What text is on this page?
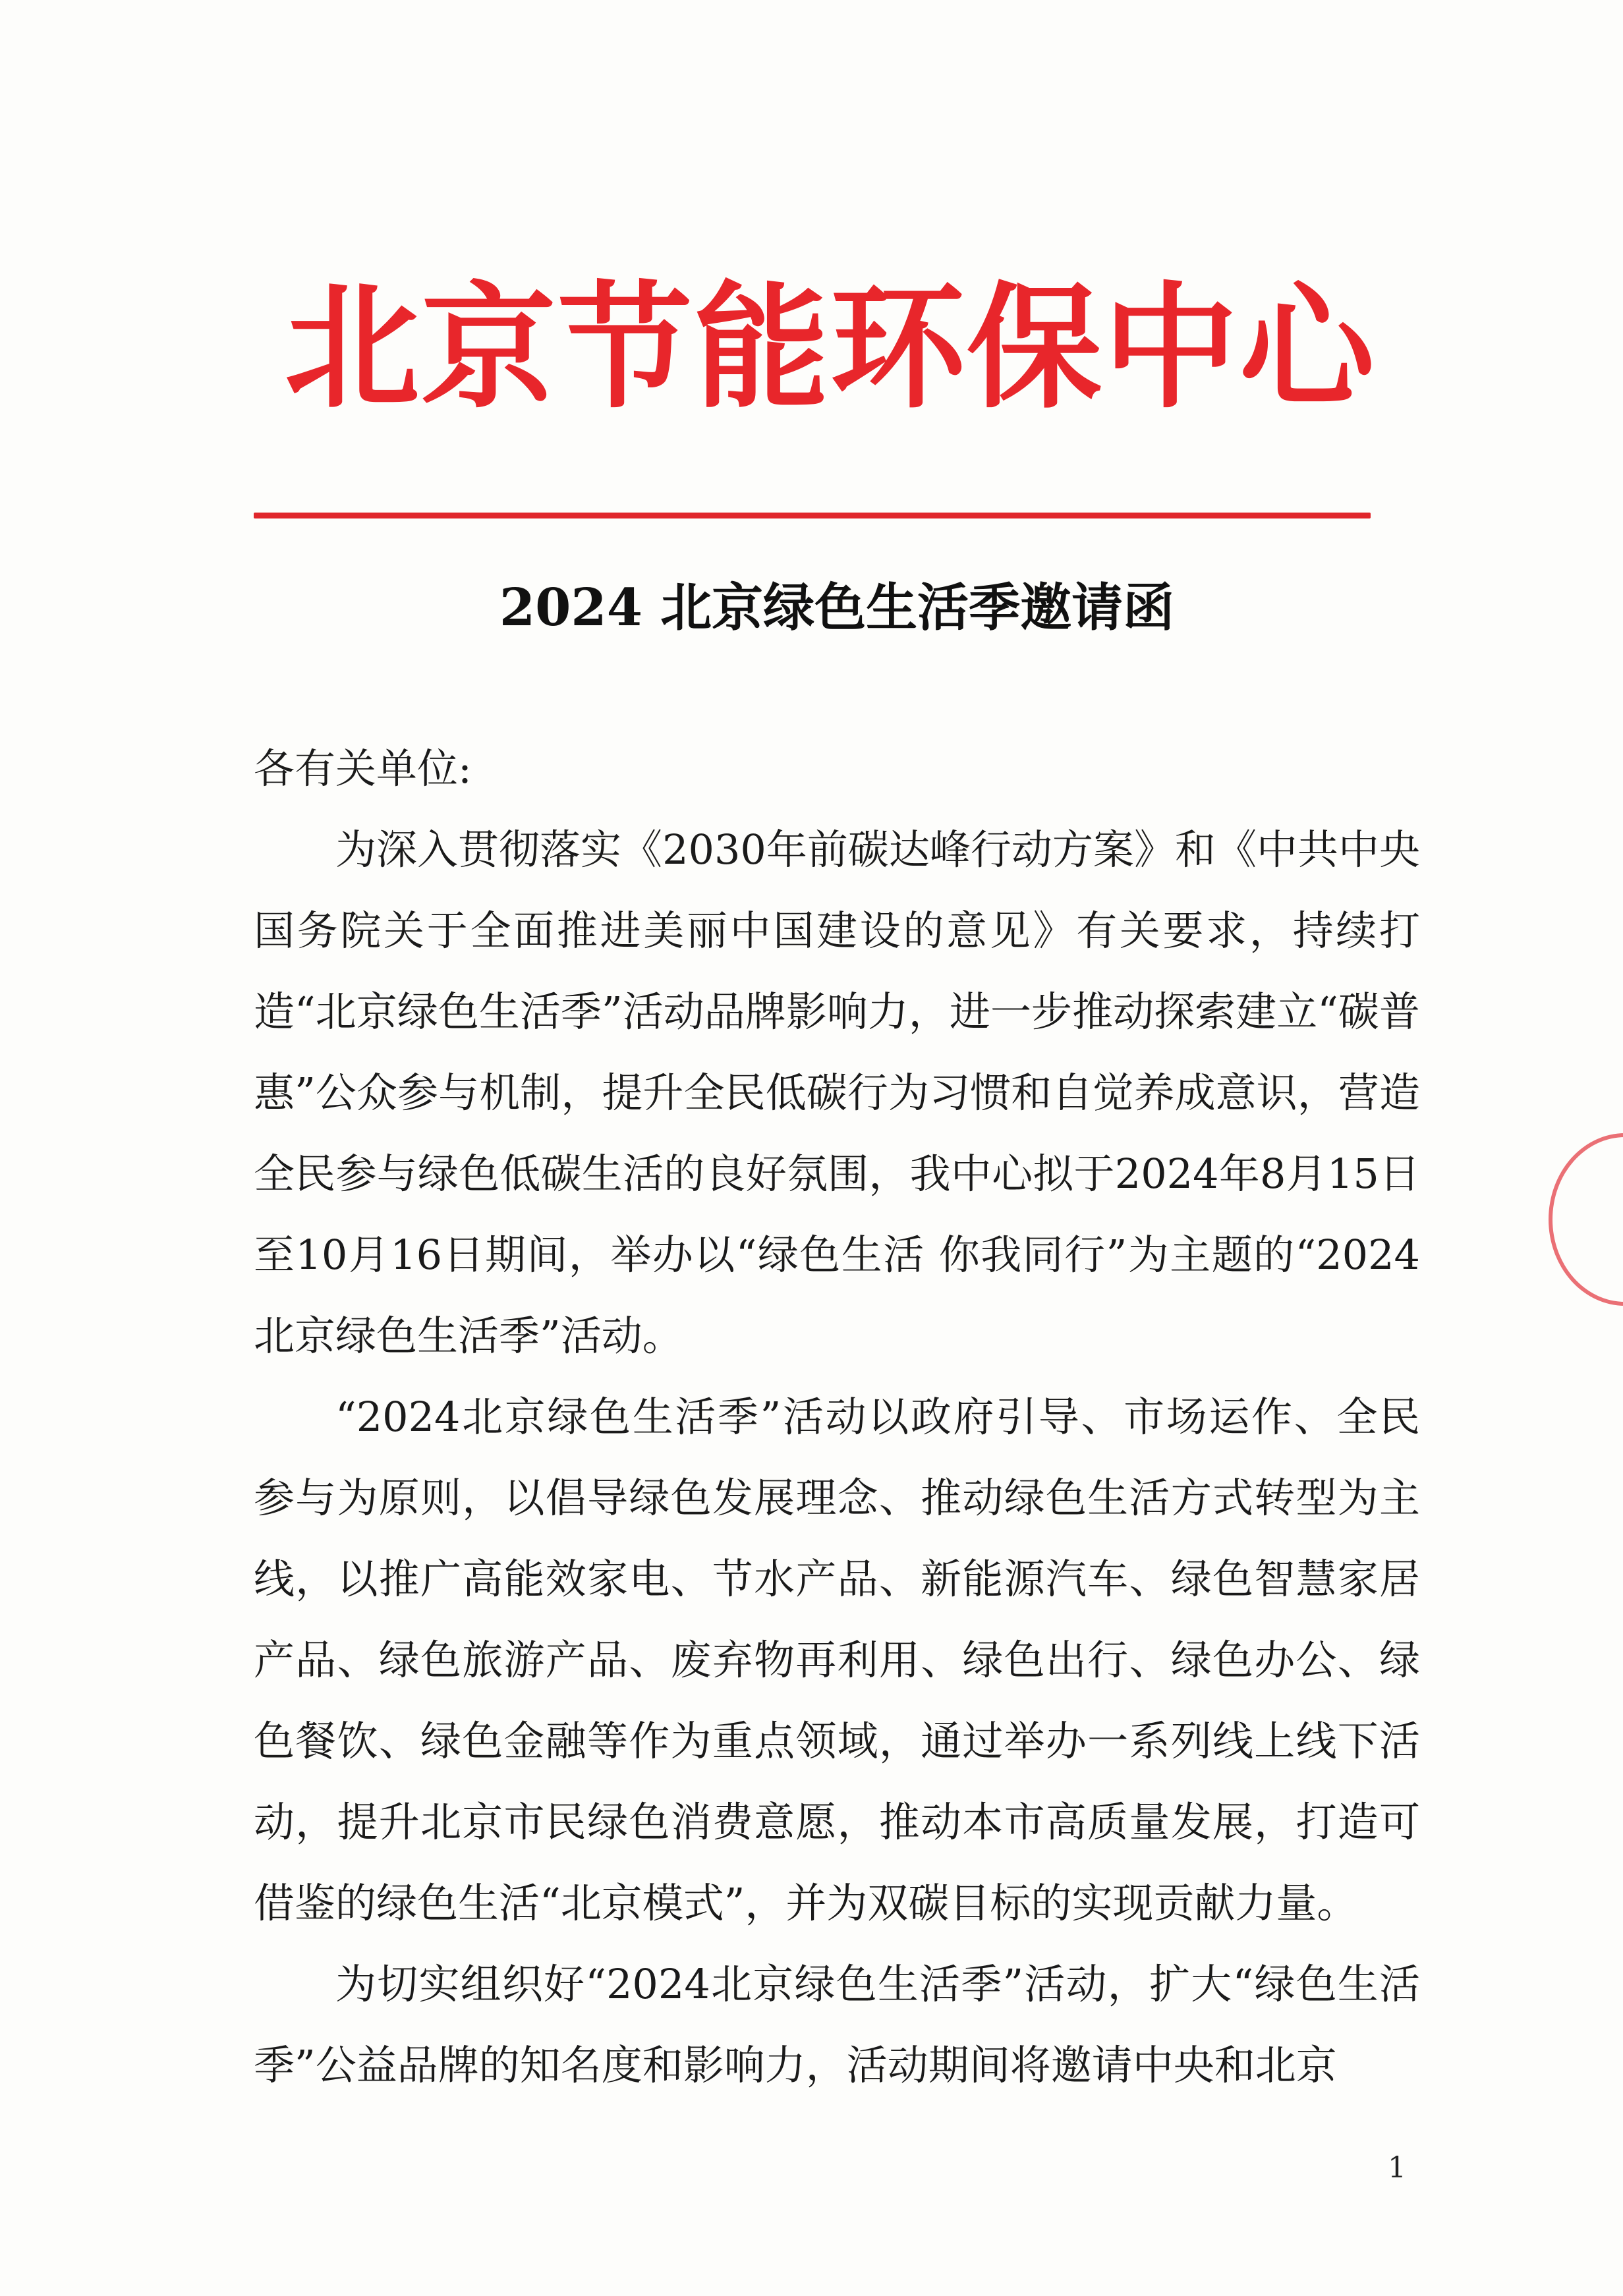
北京节能环保中心
2024 北京绿色生活季邀请函

各有关单位:

为深入贯彻落实《2030年前碳达峰行动方案》和《中共中央国务院关于全面推进美丽中国建设的意见》有关要求，持续打造“北京绿色生活季”活动品牌影响力，进一步推动探索建立“碳普惠”公众参与机制，提升全民低碳行为习惯和自觉养成意识，营造全民参与绿色低碳生活的良好氛围，我中心拟于2024年8月15日至10月16日期间，举办以“绿色生活 你我同行”为主题的“2024北京绿色生活季”活动。

“2024北京绿色生活季”活动以政府引导、市场运作、全民参与为原则，以倡导绿色发展理念、推动绿色生活方式转型为主线，以推广高能效家电、节水产品、新能源汽车、绿色智慧家居产品、绿色旅游产品、废弃物再利用、绿色出行、绿色办公、绿色餐饮、绿色金融等作为重点领域，通过举办一系列线上线下活动，提升北京市民绿色消费意愿，推动本市高质量发展，打造可借鉴的绿色生活“北京模式”，并为双碳目标的实现贡献力量。

为切实组织好“2024北京绿色生活季”活动，扩大“绿色生活季”公益品牌的知名度和影响力，活动期间将邀请中央和北京

1
